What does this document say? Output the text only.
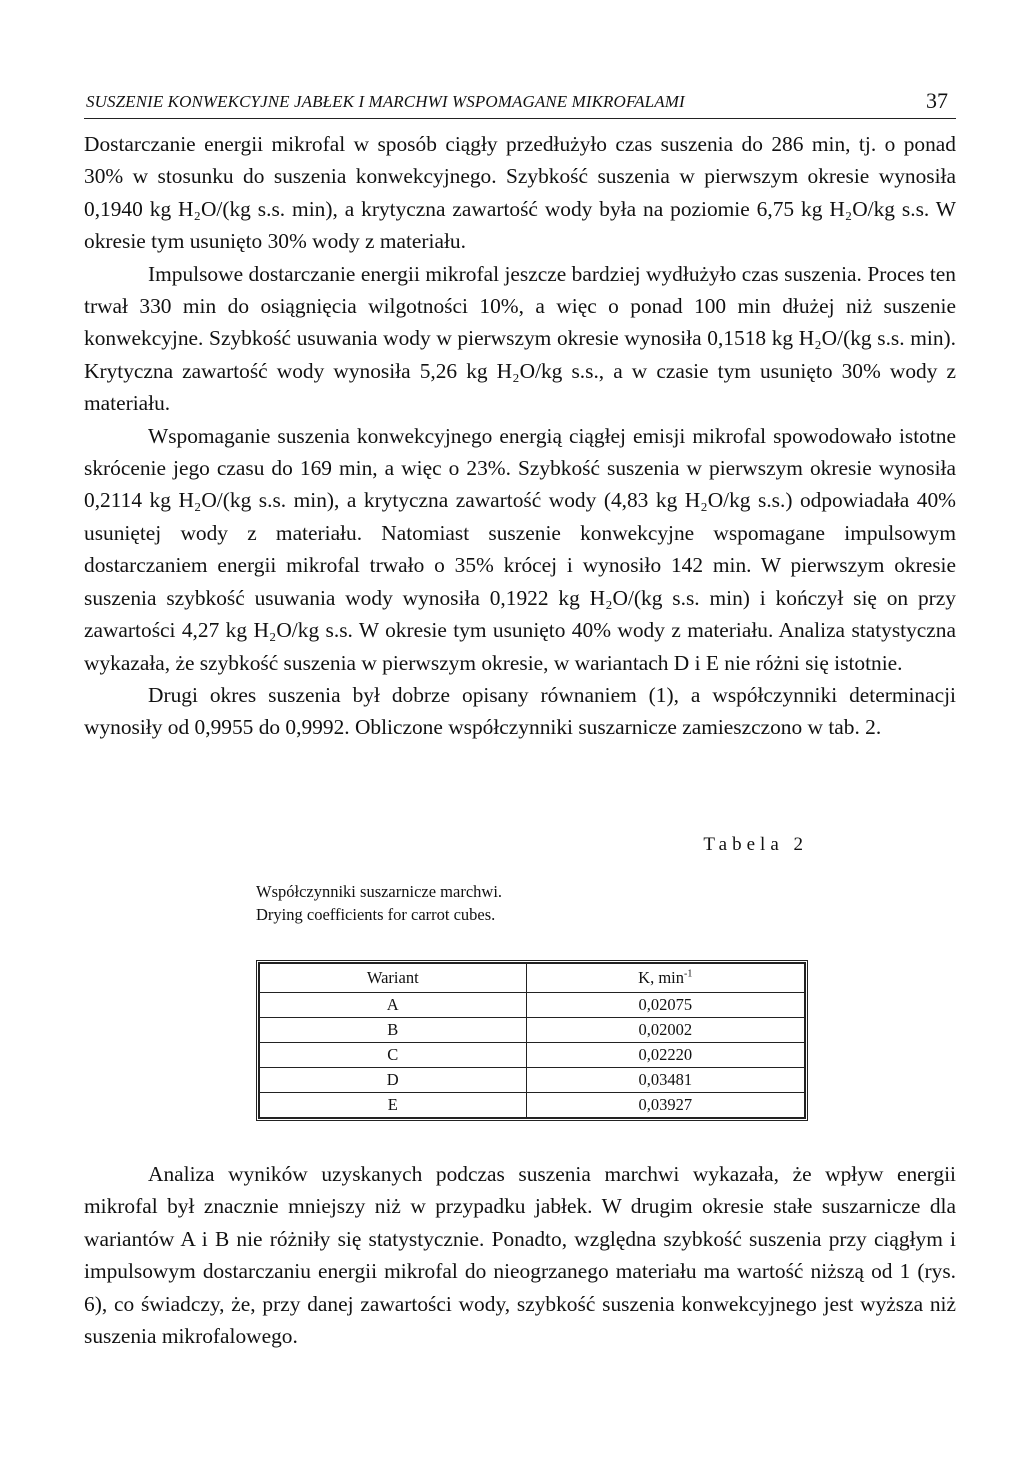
SUSZENIE KONWEKCYJNE JABŁEK I MARCHWI WSPOMAGANE MIKROFALAMI	37

Dostarczanie energii mikrofal w sposób ciągły przedłużyło czas suszenia do 286 min, tj. o ponad 30% w stosunku do suszenia konwekcyjnego. Szybkość suszenia w pierwszym okresie wynosiła 0,1940 kg H₂O/(kg s.s. min), a krytyczna zawartość wody była na poziomie 6,75 kg H₂O/kg s.s. W okresie tym usunięto 30% wody z materiału.

Impulsowe dostarczanie energii mikrofal jeszcze bardziej wydłużyło czas suszenia. Proces ten trwał 330 min do osiągnięcia wilgotności 10%, a więc o ponad 100 min dłużej niż suszenie konwekcyjne. Szybkość usuwania wody w pierwszym okresie wynosiła 0,1518 kg H₂O/(kg s.s. min). Krytyczna zawartość wody wynosiła 5,26 kg H₂O/kg s.s., a w czasie tym usunięto 30% wody z materiału.

Wspomaganie suszenia konwekcyjnego energią ciągłej emisji mikrofal spowodowało istotne skrócenie jego czasu do 169 min, a więc o 23%. Szybkość suszenia w pierwszym okresie wynosiła 0,2114 kg H₂O/(kg s.s. min), a krytyczna zawartość wody (4,83 kg H₂O/kg s.s.) odpowiadała 40% usuniętej wody z materiału. Natomiast suszenie konwekcyjne wspomagane impulsowym dostarczaniem energii mikrofal trwało o 35% krócej i wynosiło 142 min. W pierwszym okresie suszenia szybkość usuwania wody wynosiła 0,1922 kg H₂O/(kg s.s. min) i kończył się on przy zawartości 4,27 kg H₂O/kg s.s. W okresie tym usunięto 40% wody z materiału. Analiza statystyczna wykazała, że szybkość suszenia w pierwszym okresie, w wariantach D i E nie różni się istotnie.

Drugi okres suszenia był dobrze opisany równaniem (1), a współczynniki determinacji wynosiły od 0,9955 do 0,9992. Obliczone współczynniki suszarnicze zamieszczono w tab. 2.

Tabela 2
Współczynniki suszarnicze marchwi.
Drying coefficients for carrot cubes.
Wariant	K, $\min^{-1}$
A	0,02075
B	0,02002
C	0,02220
D	0,03481
E	0,03927

Analiza wyników uzyskanych podczas suszenia marchwi wykazała, że wpływ energii mikrofal był znacznie mniejszy niż w przypadku jabłek. W drugim okresie stałe suszarnicze dla wariantów A i B nie różniły się statystycznie. Ponadto, względna szybkość suszenia przy ciągłym i impulsowym dostarczaniu energii mikrofal do nieogrzanego materiału ma wartość niższą od 1 (rys. 6), co świadczy, że, przy danej zawartości wody, szybkość suszenia konwekcyjnego jest wyższa niż suszenia mikrofalowego.
